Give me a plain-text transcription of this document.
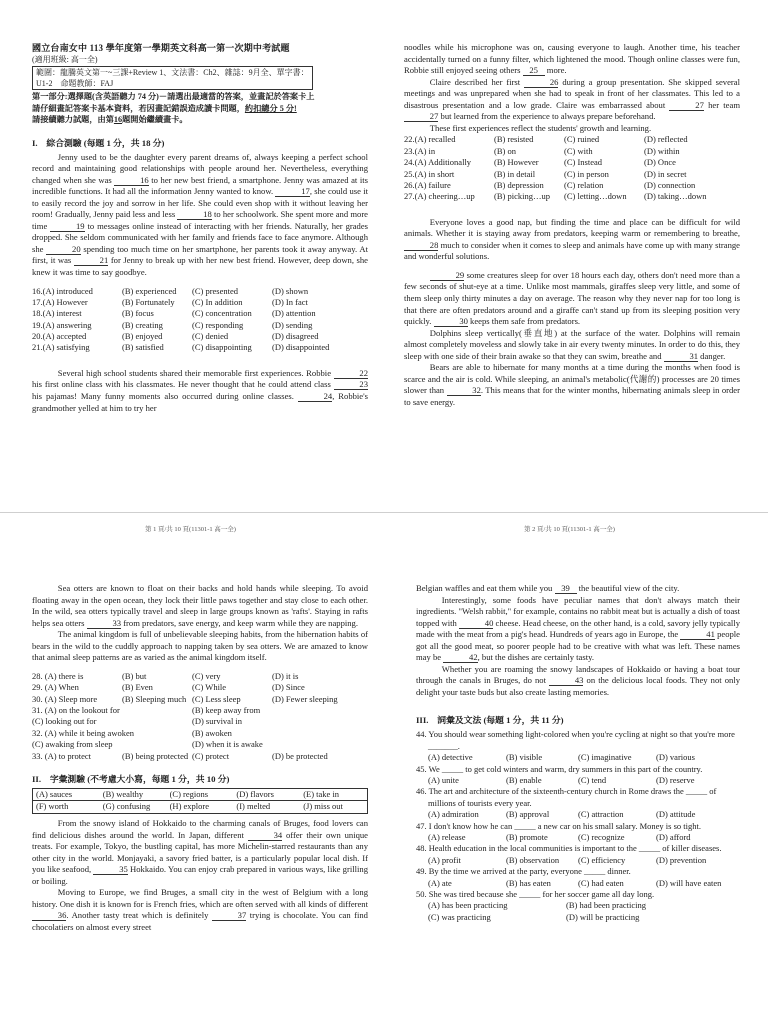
國立台南女中 113 學年度第一學期英文科高一第一次期中考試題
(適用班級: 高一全)
範圍：龍騰英文第一~三課+Review 1、文法書：Ch2、雜誌：9月全、單字書：
U1-2　 命題教師：FAJ
第一部分:選擇題(含英語聽力 74 分)－請選出最適當的答案，並畫記於答案卡上
請仔細畫記答案卡基本資料，若因畫記錯誤造成讀卡問題，約扣總分 5 分!
請接續聽力試題，由第16題開始繼續畫卡。
I.　綜合測驗 (每題 1 分，共 18 分)

Jenny used to be the daughter every parent dreams of, always keeping a perfect school record and maintaining good relationships with people around her. Nevertheless, everything changed when she was	16 to her new best friend, a smartphone. Jenny was amazed at its incredible functions. It had all the information Jenny wanted to know.	17, she could use it to easily record the joy and sorrow in her life. She could even shop with it without leaving her room! Gradually, Jenny paid less and less	18 to her schoolwork. She spent more and more time	19 to messages online instead of interacting with her friends. Naturally, her grades dropped. She seldom communicated with her family and friends face to face anymore. Although she	20 spending too much time on her smartphone, her parents took it away anyway. At first, it was	21 for Jenny to break up with her new best friend. However, deep down, she knew it was time to say goodbye.

16.(A) introduced	(B) experienced (C) presented	(D) shown
17.(A) However	(B) Fortunately (C) In addition	(D) In fact
18.(A) interest	(B) focus	(C) concentration (D) attention
19.(A) answering	(B) creating	(C) responding	(D) sending
20.(A) accepted	(B) enjoyed	(C) denied	(D) disagreed
21.(A) satisfying	(B) satisfied	(C) disappointing (D) disappointed

Several high school students shared their memorable first experiences. Robbie	22 his first online class with his classmates. He never thought that he could attend class	23 his pajamas! Many funny moments also occurred during online classes.	24, Robbie's grandmother yelled at him to try her

第 1 頁/共 10 頁(11301-1 高一全)

noodles while his microphone was on, causing everyone to laugh. Another time, his teacher accidentally turned on a funny filter, which lightened the mood. Though online classes were fun, Robbie still enjoyed seeing others 25 more.

Claire described her first	26 during a group presentation. She skipped several meetings and was unprepared when she had to speak in front of her classmates. This led to a disastrous presentation and a low grade. Claire was embarrassed about	27 her team 27 but learned from the experience to always prepare beforehand.

These first experiences reflect the students' growth and learning.

22.(A) recalled	(B) resisted	(C) ruined	(D) reflected
23.(A) in	(B) on	(C) with	(D) within
24.(A) Additionally	(B) However	(C) Instead	(D) Once
25.(A) in short	(B) in detail	(C) in person	(D) in secret
26.(A) failure	(B) depression (C) relation	(D) connection
27.(A) cheering…up (B) picking…up (C) letting…down (D) taking…down

Everyone loves a good nap, but finding the time and place can be difficult for wild animals. Whether it is staying away from predators, keeping warm or remembering to breathe, 28 much to consider when it comes to sleep and animals have come up with many strange and wonderful solutions.

29 some creatures sleep for over 18 hours each day, others don't need more than a few seconds of shut-eye at a time. Unlike most mammals, giraffes sleep very little, and some of them sleep only thirty minutes a day on average. The reason why they never nap for too long is that there are often predators around and a giraffe can't stand up from its sleeping position very quickly.	30 keeps them safe from predators.

Dolphins sleep vertically(垂直地) at the surface of the water. Dolphins will remain almost completely moveless and slowly take in air every twenty minutes. In order to do this, they sleep with one side of their brain awake so that they can swim, breathe and	31 danger.

Bears are able to hibernate for many months at a time during the months when food is scarce and the air is cold. While sleeping, an animal's metabolic(代謝的) processes are 20 times slower than	32. This means that for the winter months, hibernating animals sleep in order to save energy.

第 2 頁/共 10 頁(11301-1 高一全)

Sea otters are known to float on their backs and hold hands while sleeping. To avoid floating away in the open ocean, they lock their little paws together and stay close to each other. In the wild, sea otters typically travel and sleep in large groups known as 'rafts'. Staying in rafts helps sea otters	33 from predators, save energy, and keep warm while they are napping.

The animal kingdom is full of unbelievable sleeping habits, from the hibernation habits of bears in the wild to the cuddly approach to napping taken by sea otters. We are amazed to know that animal sleep patterns are as varied as the animal kingdom itself.

28. (A) there is	(B) but	(C) very	(D) it is
29. (A) When	(B) Even	(C) While	(D) Since
30. (A) Sleep more	(B) Sleeping much (C) Less sleep	(D) Fewer sleeping
31. (A) on the lookout for	(B) keep away from
(C) looking out for	(D) survival in
32. (A) while it being awoken	(B) awoken
(C) awaking from sleep	(D) when it is awake
33. (A) to protect	(B) being protected (C) protect	(D) be protected
II.　字彙測驗 (不考慮大小寫，每題 1 分，共 10 分)
(A) sauces	(B) wealthy	(C) regions	(D) flavors	(E) take in
(F) worth	(G) confusing	(H) explore	(I) melted	(J) miss out

From the snowy island of Hokkaido to the charming canals of Bruges, food lovers can find delicious dishes around the world. In Japan, different	34 offer their own unique treats. For example, Tokyo, the bustling capital, has more Michelin-starred restaurants than any other city in the world. Monjayaki, a savory fried batter, is a particularly popular local dish. If you like seafood,	35 Hokkaido. You can enjoy crab prepared in various ways, like grilling or boiling.

Moving to Europe, we find Bruges, a small city in the west of Belgium with a long history. One dish it is known for is French fries, which are often served with all kinds of different 36. Another tasty treat which is definitely	37 trying is chocolate. You can find chocolatiers on almost every street

Belgian waffles and eat them while you 39 the beautiful view of the city.

Interestingly, some foods have peculiar names that don't always match their ingredients. "Welsh rabbit," for example, contains no rabbit meat but is actually a dish of toast topped with	40 cheese. Head cheese, on the other hand, is a cold, savory jelly typically made with the meat from a pig's head. Hundreds of years ago in Europe, the	41 people got all the good meat, so poorer people had to be creative with what was left. These names may be	42, but the dishes are certainly tasty.

Whether you are roaming the snowy landscapes of Hokkaido or having a boat tour through the canals in Bruges, do not	43 on the delicious local foods. They not only delight your taste buds but also create lasting memories.

III.　詞彙及文法 (每題 1 分，共 11 分)
44. You should wear something light-colored when you're cycling at night so that you're more _______.
(A) detective	(B) visible	(C) imaginative	(D) various
45. We _____ to get cold winters and warm, dry summers in this part of the country.
(A) unite	(B) enable	(C) tend	(D) reserve
46. The art and architecture of the sixteenth-century church in Rome draws the _____ of millions of tourists every year.
(A) admiration	(B) approval	(C) attraction	(D) attitude
47. I don't know how he can _____ a new car on his small salary. Money is so tight.
(A) release	(B) promote	(C) recognize	(D) afford
48. Health education in the local communities is important to the _____ of killer diseases.
(A) profit	(B) observation (C) efficiency	(D) prevention
49. By the time we arrived at the party, everyone _____ dinner.
(A) ate	(B) has eaten	(C) had eaten	(D) will have eaten
50. She was tired because she _____ for her soccer game all day long.
(A) has been practicing	(B) had been practicing
(C) was practicing	(D) will be practicing
